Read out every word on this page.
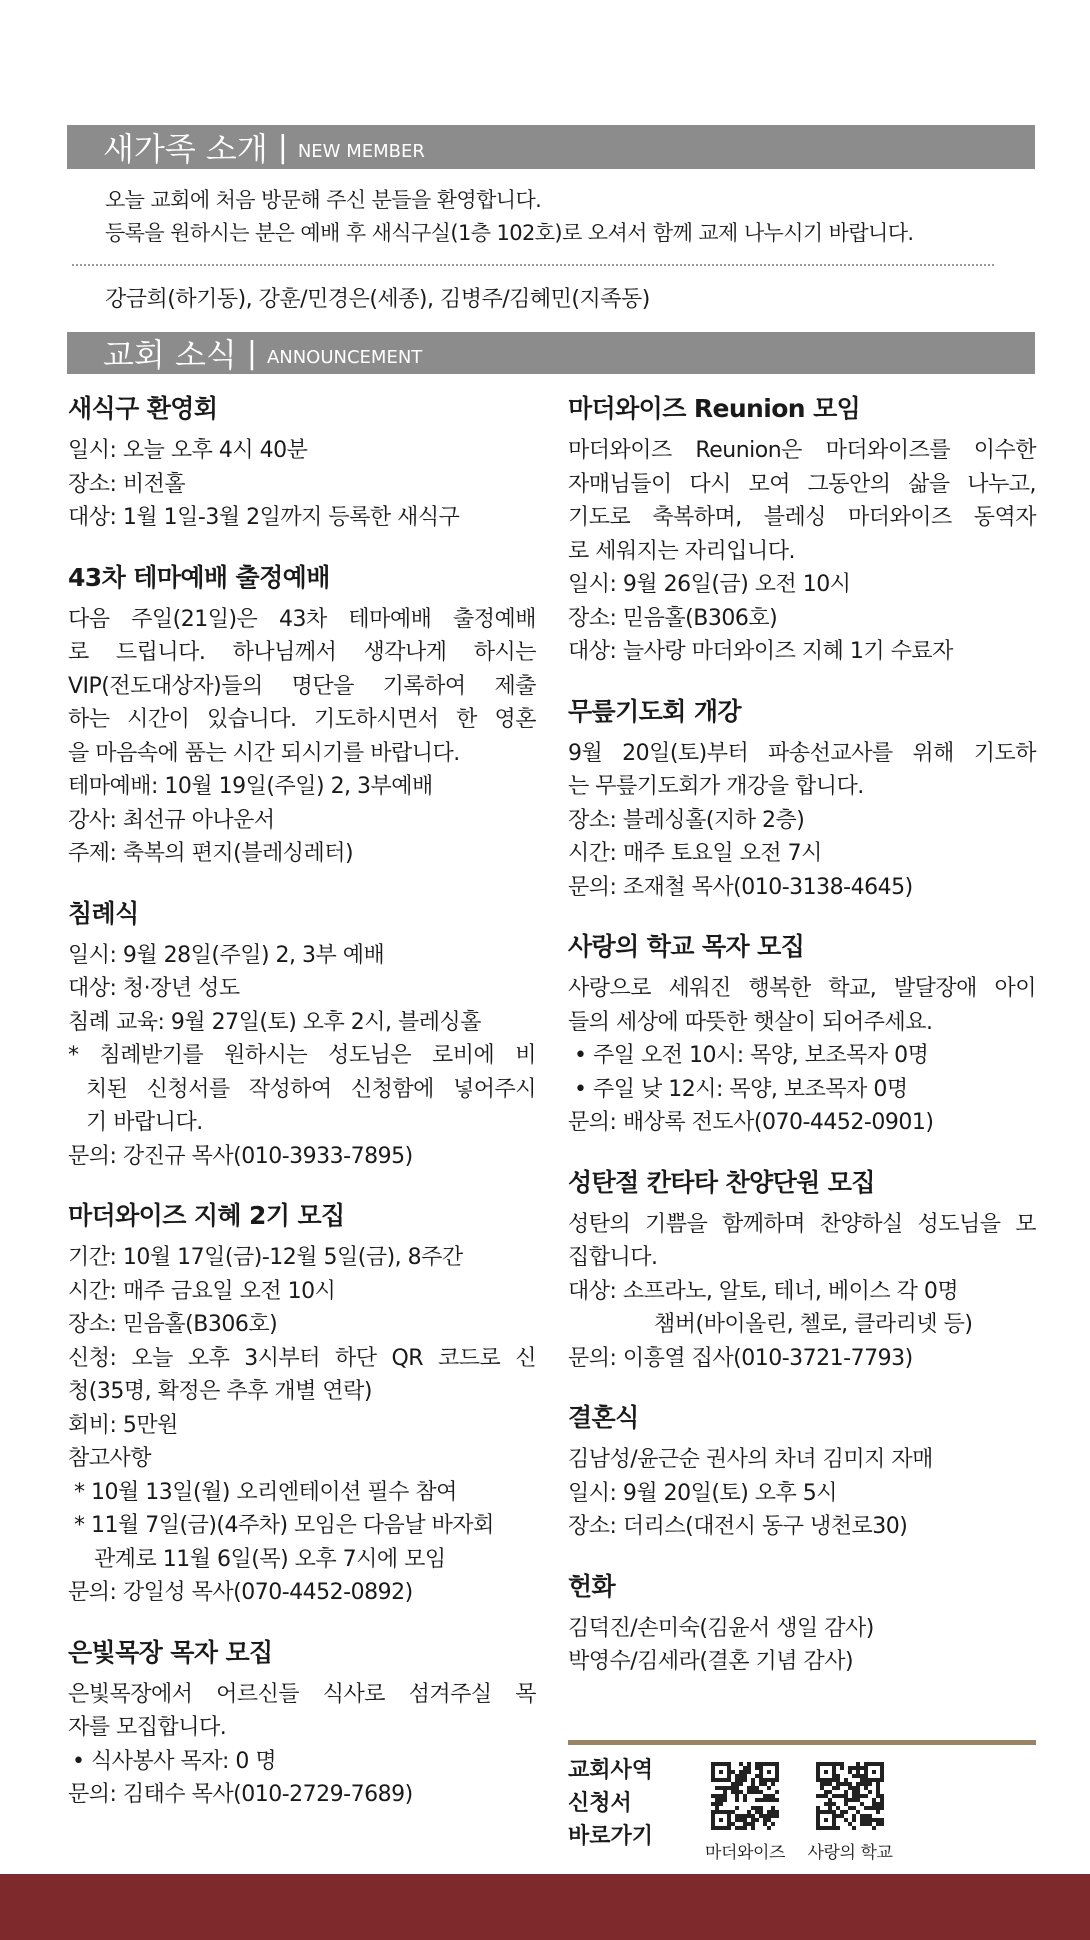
새가족 소개 | NEW MEMBER
오늘 교회에 처음 방문해 주신 분들을 환영합니다.
등록을 원하시는 분은 예배 후 새식구실(1층 102호)로 오셔서 함께 교제 나누시기 바랍니다.
강금희(하기동), 강훈/민경은(세종), 김병주/김혜민(지족동)
교회 소식 | ANNOUNCEMENT
새식구 환영회
일시: 오늘 오후 4시 40분
장소: 비전홀
대상: 1월 1일-3월 2일까지 등록한 새식구
43차 테마예배 출정예배
다음 주일(21일)은 43차 테마예배 출정예배
로 드립니다. 하나님께서 생각나게 하시는
VIP(전도대상자)들의 명단을 기록하여 제출
하는 시간이 있습니다. 기도하시면서 한 영혼
을 마음속에 품는 시간 되시기를 바랍니다.
테마예배: 10월 19일(주일) 2, 3부예배
강사: 최선규 아나운서
주제: 축복의 편지(블레싱레터)
침례식
일시: 9월 28일(주일) 2, 3부 예배
대상: 청·장년 성도
침례 교육: 9월 27일(토) 오후 2시, 블레싱홀
* 침례받기를 원하시는 성도님은 로비에 비
치된 신청서를 작성하여 신청함에 넣어주시
기 바랍니다.
문의: 강진규 목사(010-3933-7895)
마더와이즈 지혜 2기 모집
기간: 10월 17일(금)-12월 5일(금), 8주간
시간: 매주 금요일 오전 10시
장소: 믿음홀(B306호)
신청: 오늘 오후 3시부터 하단 QR 코드로 신
청(35명, 확정은 추후 개별 연락)
회비: 5만원
참고사항
* 10월 13일(월) 오리엔테이션 필수 참여
* 11월 7일(금)(4주차) 모임은 다음날 바자회
관계로 11월 6일(목) 오후 7시에 모임
문의: 강일성 목사(070-4452-0892)
은빛목장 목자 모집
은빛목장에서 어르신들 식사로 섬겨주실 목
자를 모집합니다.
• 식사봉사 목자: 0 명
문의: 김태수 목사(010-2729-7689)
마더와이즈 Reunion 모임
마더와이즈 Reunion은 마더와이즈를 이수한
자매님들이 다시 모여 그동안의 삶을 나누고,
기도로 축복하며, 블레싱 마더와이즈 동역자
로 세워지는 자리입니다.
일시: 9월 26일(금) 오전 10시
장소: 믿음홀(B306호)
대상: 늘사랑 마더와이즈 지혜 1기 수료자
무릎기도회 개강
9월 20일(토)부터 파송선교사를 위해 기도하
는 무릎기도회가 개강을 합니다.
장소: 블레싱홀(지하 2층)
시간: 매주 토요일 오전 7시
문의: 조재철 목사(010-3138-4645)
사랑의 학교 목자 모집
사랑으로 세워진 행복한 학교, 발달장애 아이
들의 세상에 따뜻한 햇살이 되어주세요.
• 주일 오전 10시: 목양, 보조목자 0명
• 주일 낮 12시: 목양, 보조목자 0명
문의: 배상록 전도사(070-4452-0901)
성탄절 칸타타 찬양단원 모집
성탄의 기쁨을 함께하며 찬양하실 성도님을 모
집합니다.
대상: 소프라노, 알토, 테너, 베이스 각 0명
챔버(바이올린, 첼로, 클라리넷 등)
문의: 이흥열 집사(010-3721-7793)
결혼식
김남성/윤근순 권사의 차녀 김미지 자매
일시: 9월 20일(토) 오후 5시
장소: 더리스(대전시 동구 냉천로30)
헌화
김덕진/손미숙(김윤서 생일 감사)
박영수/김세라(결혼 기념 감사)
교회사역
신청서
바로가기
마더와이즈	사랑의 학교
